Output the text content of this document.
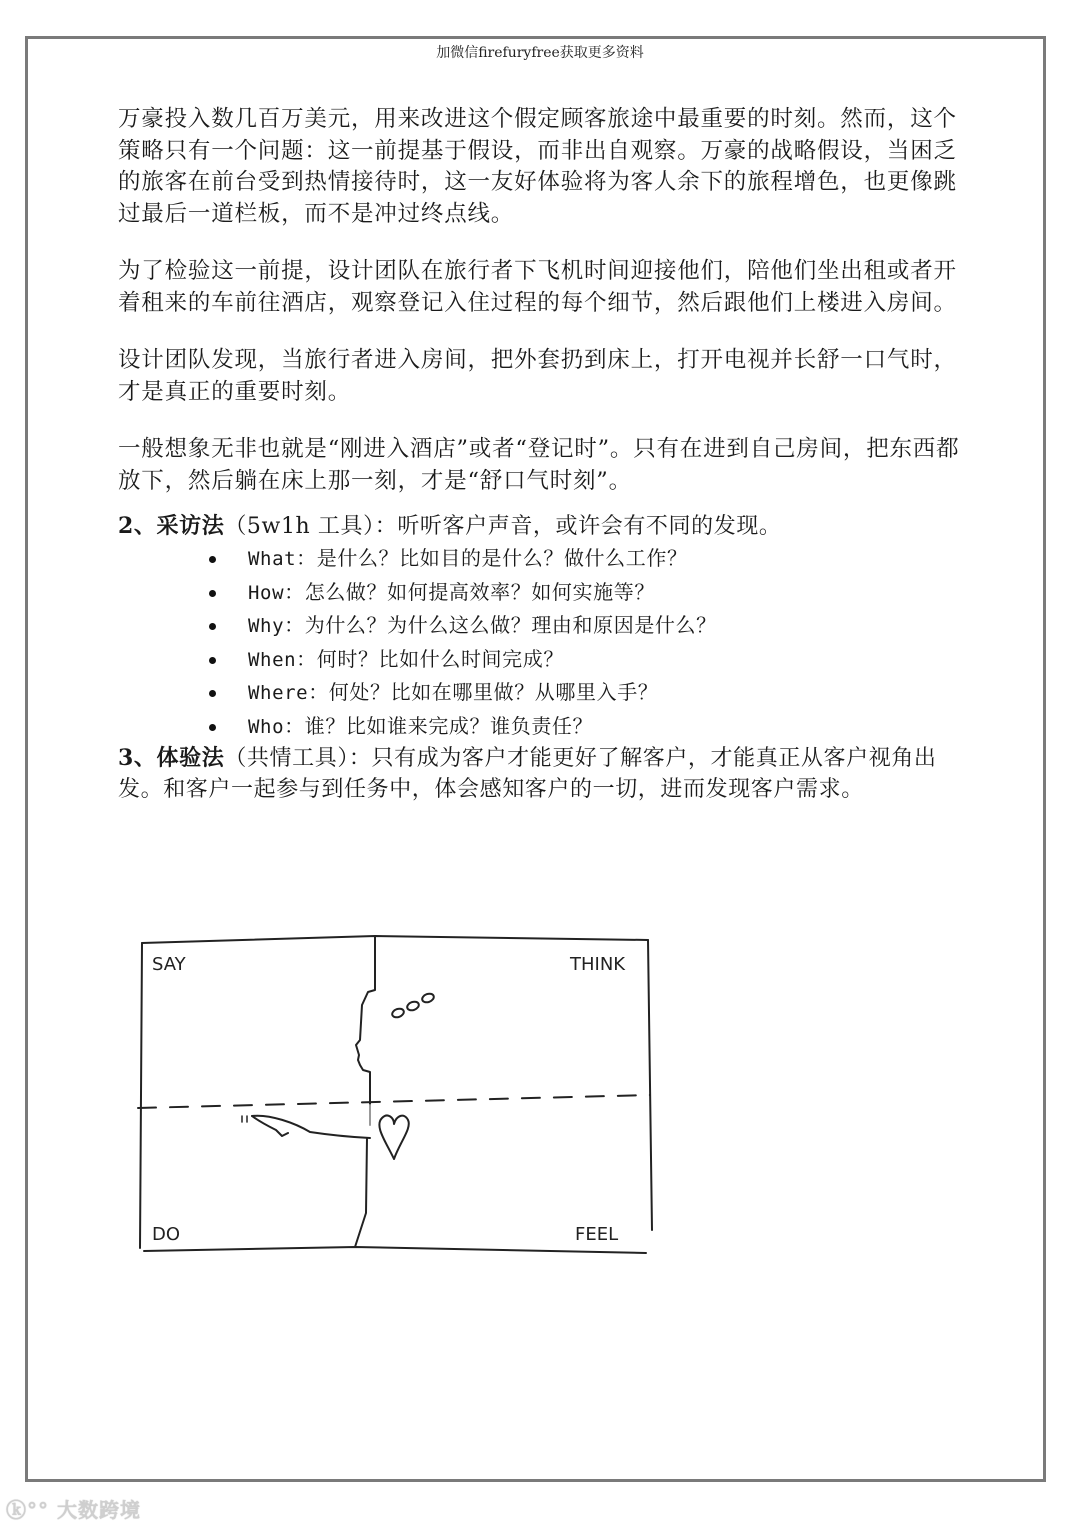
加微信firefuryfree获取更多资料

万豪投入数几百万美元，用来改进这个假定顾客旅途中最重要的时刻。然而，这个策略只有一个问题：这一前提基于假设，而非出自观察。万豪的战略假设，当困乏的旅客在前台受到热情接待时，这一友好体验将为客人余下的旅程增色，也更像跳过最后一道栏板，而不是冲过终点线。

为了检验这一前提，设计团队在旅行者下飞机时间迎接他们，陪他们坐出租或者开着租来的车前往酒店，观察登记入住过程的每个细节，然后跟他们上楼进入房间。

设计团队发现，当旅行者进入房间，把外套扔到床上，打开电视并长舒一口气时，才是真正的重要时刻。

一般想象无非也就是“刚进入酒店”或者“登记时”。只有在进到自己房间，把东西都放下，然后躺在床上那一刻，才是“舒口气时刻”。

2、采访法（5w1h 工具）：听听客户声音，或许会有不同的发现。

What：是什么？比如目的是什么？做什么工作？
How：怎么做？如何提高效率？如何实施等？
Why：为什么？为什么这么做？理由和原因是什么？
When：何时？比如什么时间完成？
Where：何处？比如在哪里做？从哪里入手？
Who：谁？比如谁来完成？谁负责任？

3、体验法（共情工具）：只有成为客户才能更好了解客户，才能真正从客户视角出发。和客户一起参与到任务中，体会感知客户的一切，进而发现客户需求。

SAY	THINK
DO	FEEL
ⓚ°° 大数跨境
